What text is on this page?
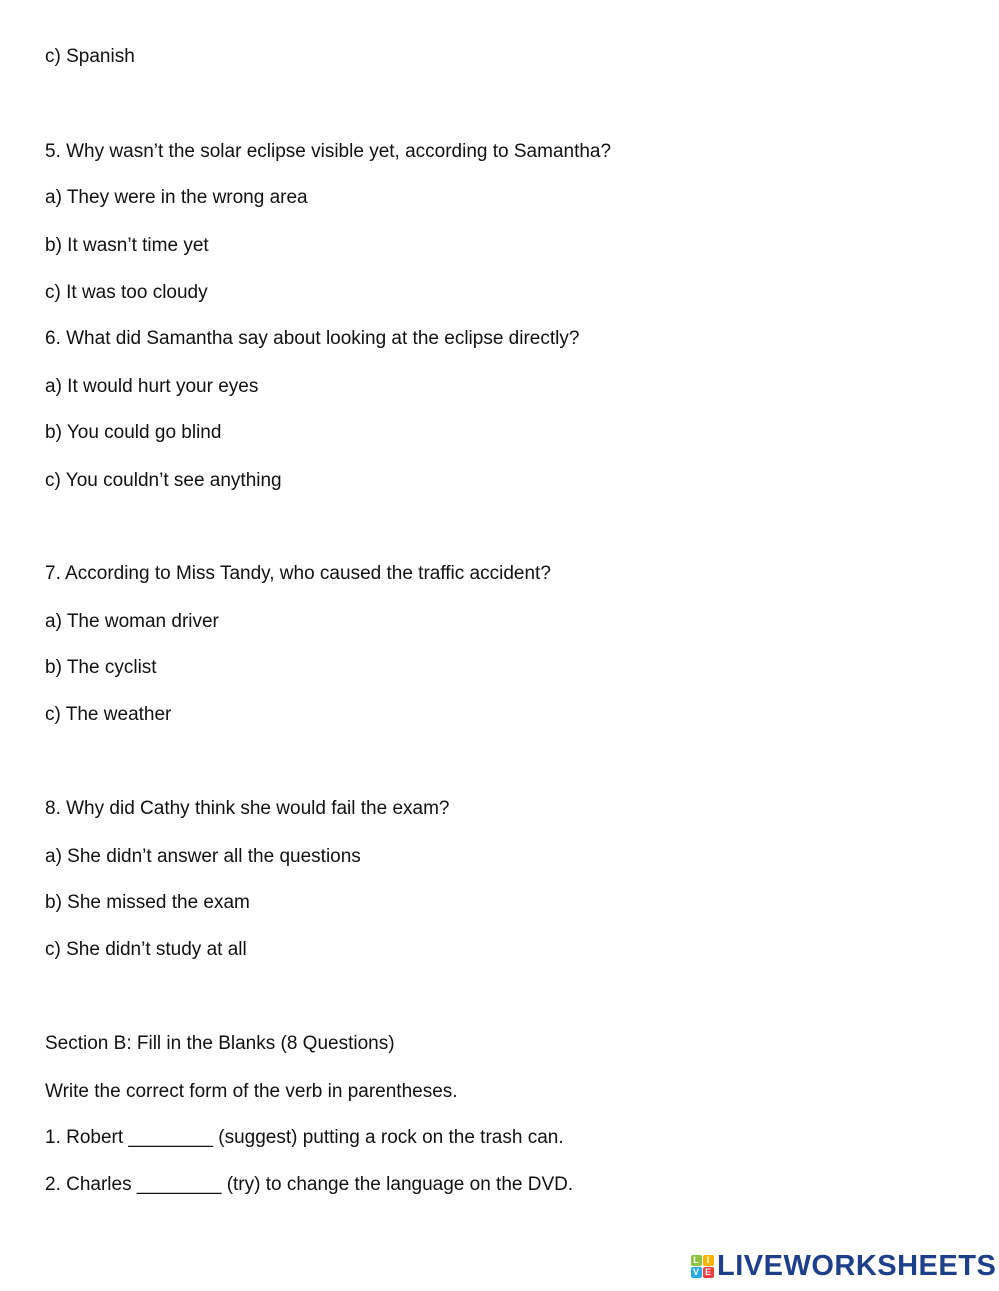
c) Spanish
5. Why wasn’t the solar eclipse visible yet, according to Samantha?
a) They were in the wrong area
b) It wasn’t time yet
c) It was too cloudy
6. What did Samantha say about looking at the eclipse directly?
a) It would hurt your eyes
b) You could go blind
c) You couldn’t see anything
7. According to Miss Tandy, who caused the traffic accident?
a) The woman driver
b) The cyclist
c) The weather
8. Why did Cathy think she would fail the exam?
a) She didn’t answer all the questions
b) She missed the exam
c) She didn’t study at all
Section B: Fill in the Blanks (8 Questions)
Write the correct form of the verb in parentheses.
1. Robert ________ (suggest) putting a rock on the trash can.
2. Charles ________ (try) to change the language on the DVD.
L I
V E LIVEWORKSHEETS
